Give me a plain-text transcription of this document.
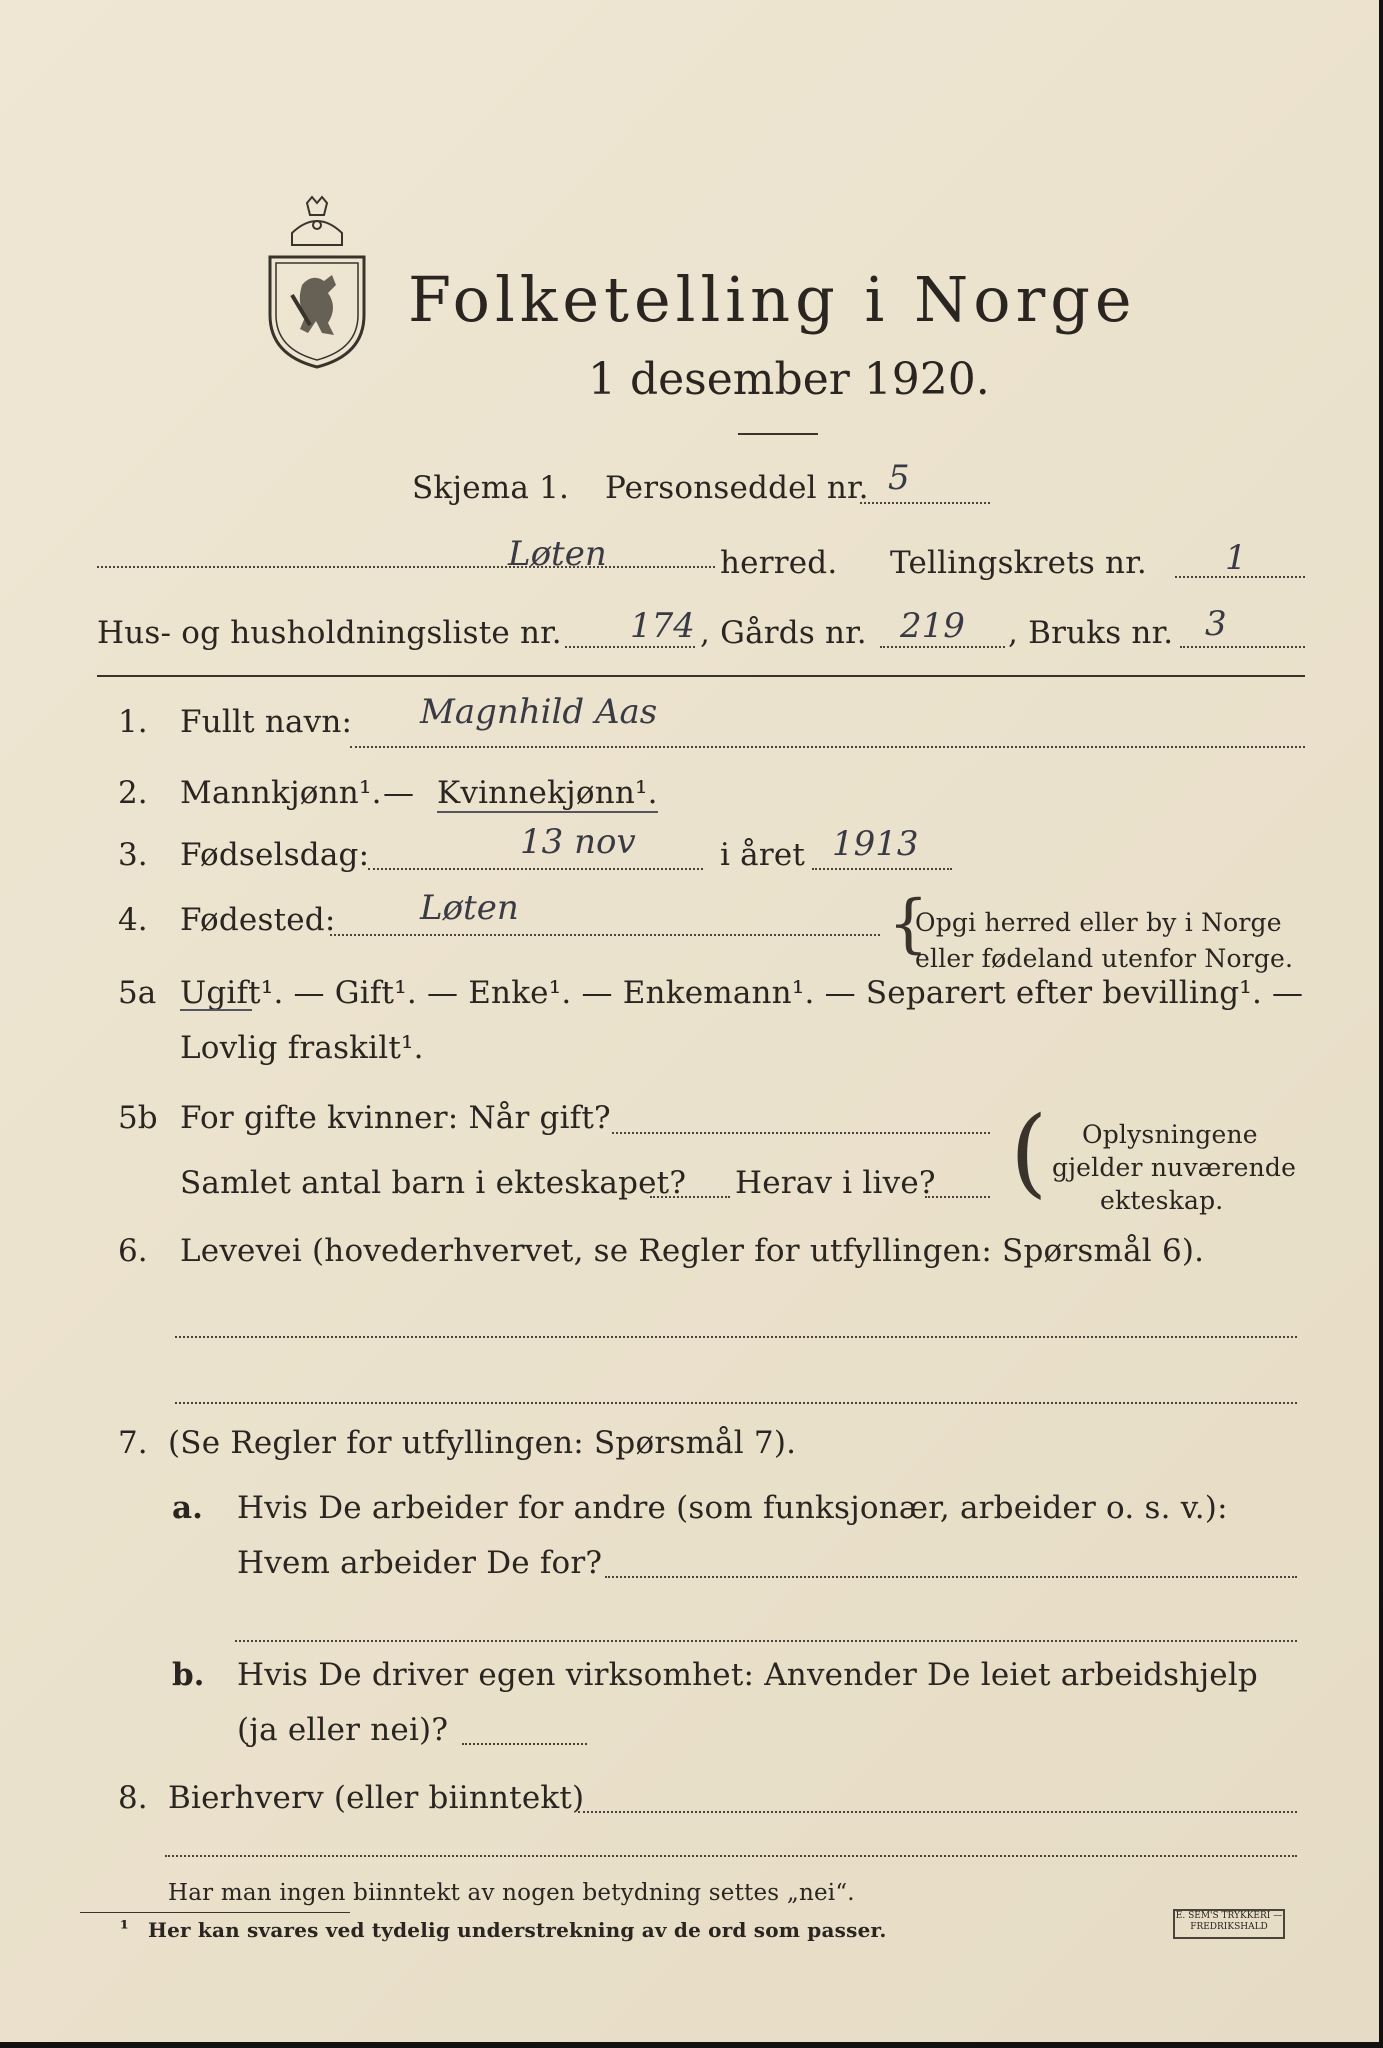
Folketelling i Norge
1 desember 1920.
Skjema 1. Personseddel nr. 5
Løten	herred. Tellingskrets nr. 1
Hus- og husholdningsliste nr. 174 , Gårds nr. 219 , Bruks nr. 3
1. Fullt navn: Magnhild Aas
2. Mannkjønn¹. — Kvinnekjønn¹.
3. Fødselsdag:	13 nov	i året 1913
4. Fødested: Løten	{
Opgi herred eller by i Norge
eller fødeland utenfor Norge.
5a Ugift¹. — Gift¹. — Enke¹. — Enkemann¹. — Separert efter bevilling¹. —
Lovlig fraskilt¹.
5b For gifte kvinner: Når gift?
Samlet antal barn i ekteskapet? Herav i live? ( Oplysningene
gjelder nuværende
ekteskap.
6. Levevei (hovederhvervet, se Regler for utfyllingen: Spørsmål 6).
7. (Se Regler for utfyllingen: Spørsmål 7).
a. Hvis De arbeider for andre (som funksjonær, arbeider o. s. v.):
Hvem arbeider De for?
b. Hvis De driver egen virksomhet: Anvender De leiet arbeidshjelp
(ja eller nei)?
8. Bierhverv (eller biinntekt)
Har man ingen biinntekt av nogen betydning settes „nei“.
¹ Her kan svares ved tydelig understrekning av de ord som passer.
E. SEM'S TRYKKERI — FREDRIKSHALD
